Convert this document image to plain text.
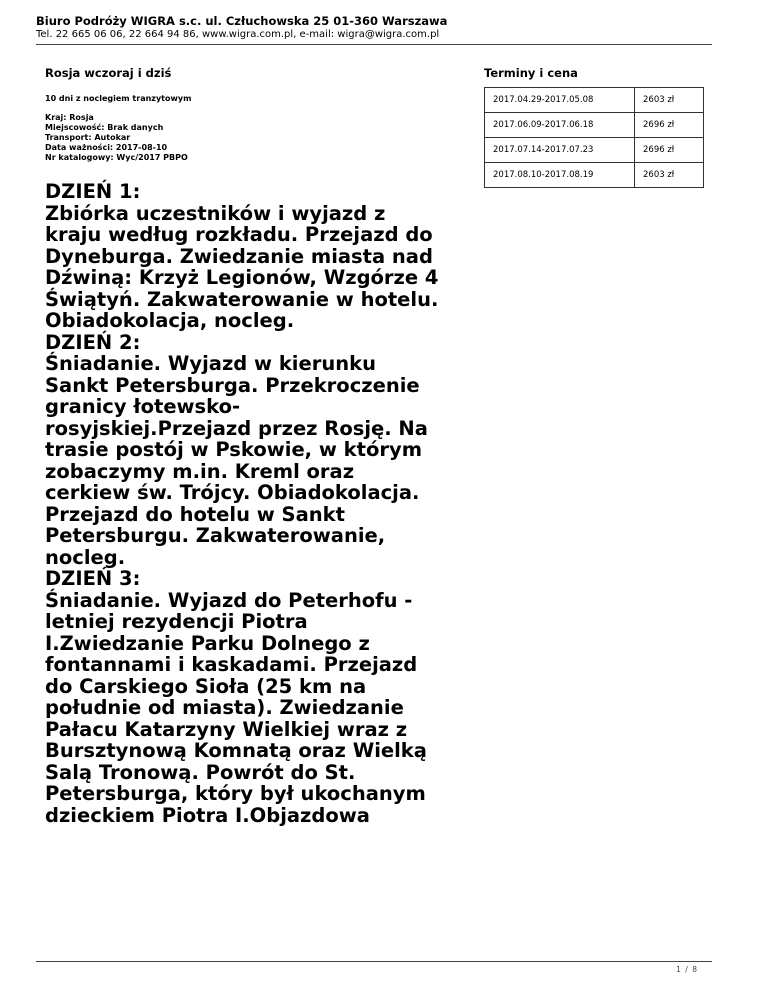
Biuro Podróży WIGRA s.c. ul. Człuchowska 25 01-360 Warszawa
Tel. 22 665 06 06, 22 664 94 86, www.wigra.com.pl, e-mail: wigra@wigra.com.pl
Rosja wczoraj i dziś
10 dni z noclegiem tranzytowym
Kraj: Rosja
Miejscowość: Brak danych
Transport: Autokar
Data ważności: 2017-08-10
Nr katalogowy: Wyc/2017 PBPO
DZIEŃ 1:
Zbiórka uczestników i wyjazd z
kraju według rozkładu. Przejazd do
Dyneburga. Zwiedzanie miasta nad
Dźwiną: Krzyż Legionów, Wzgórze 4
Świątyń. Zakwaterowanie w hotelu.
Obiadokolacja, nocleg.
DZIEŃ 2:
Śniadanie. Wyjazd w kierunku
Sankt Petersburga. Przekroczenie
granicy łotewsko-
rosyjskiej.Przejazd przez Rosję. Na
trasie postój w Pskowie, w którym
zobaczymy m.in. Kreml oraz
cerkiew św. Trójcy. Obiadokolacja.
Przejazd do hotelu w Sankt
Petersburgu. Zakwaterowanie,
nocleg.
DZIEŃ 3:
Śniadanie. Wyjazd do Peterhofu -
letniej rezydencji Piotra
I.Zwiedzanie Parku Dolnego z
fontannami i kaskadami. Przejazd
do Carskiego Sioła (25 km na
południe od miasta). Zwiedzanie
Pałacu Katarzyny Wielkiej wraz z
Bursztynową Komnatą oraz Wielką
Salą Tronową. Powrót do St.
Petersburga, który był ukochanym
dzieckiem Piotra I.Objazdowa
Terminy i cena
2017.04.29-2017.05.08	2603 zł
2017.06.09-2017.06.18	2696 zł
2017.07.14-2017.07.23	2696 zł
2017.08.10-2017.08.19	2603 zł
1 / 8
